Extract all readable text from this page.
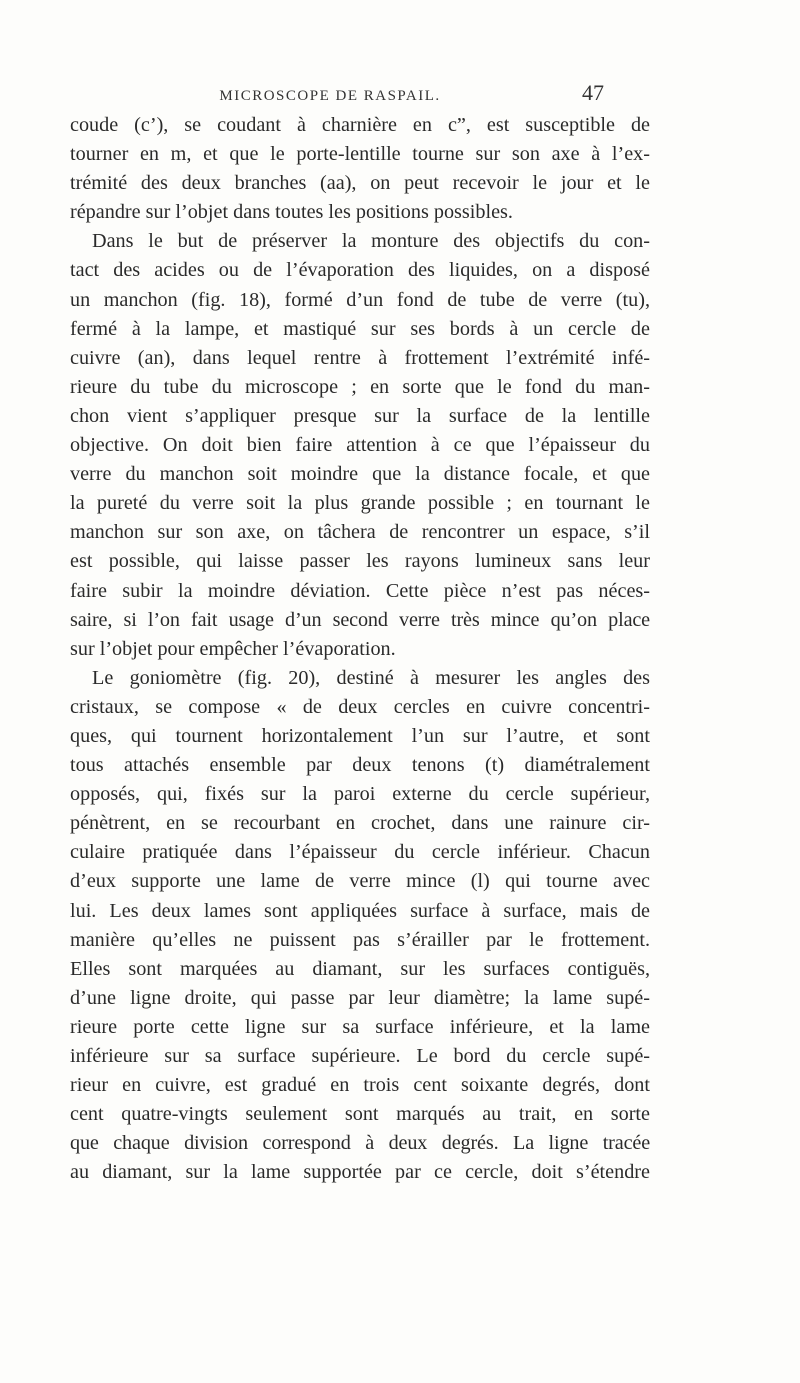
MICROSCOPE DE RASPAIL.	47
coude (c’), se coudant à charnière en c”, est susceptible de
tourner en m, et que le porte-lentille tourne sur son axe à l’ex-
trémité des deux branches (aa), on peut recevoir le jour et le
répandre sur l’objet dans toutes les positions possibles.
Dans le but de préserver la monture des objectifs du con-
tact des acides ou de l’évaporation des liquides, on a disposé
un manchon (fig. 18), formé d’un fond de tube de verre (tu),
fermé à la lampe, et mastiqué sur ses bords à un cercle de
cuivre (an), dans lequel rentre à frottement l’extrémité infé-
rieure du tube du microscope ; en sorte que le fond du man-
chon vient s’appliquer presque sur la surface de la lentille
objective. On doit bien faire attention à ce que l’épaisseur du
verre du manchon soit moindre que la distance focale, et que
la pureté du verre soit la plus grande possible ; en tournant le
manchon sur son axe, on tâchera de rencontrer un espace, s’il
est possible, qui laisse passer les rayons lumineux sans leur
faire subir la moindre déviation. Cette pièce n’est pas néces-
saire, si l’on fait usage d’un second verre très mince qu’on place
sur l’objet pour empêcher l’évaporation.
Le goniomètre (fig. 20), destiné à mesurer les angles des
cristaux, se compose « de deux cercles en cuivre concentri-
ques, qui tournent horizontalement l’un sur l’autre, et sont
tous attachés ensemble par deux tenons (t) diamétralement
opposés, qui, fixés sur la paroi externe du cercle supérieur,
pénètrent, en se recourbant en crochet, dans une rainure cir-
culaire pratiquée dans l’épaisseur du cercle inférieur. Chacun
d’eux supporte une lame de verre mince (l) qui tourne avec
lui. Les deux lames sont appliquées surface à surface, mais de
manière qu’elles ne puissent pas s’érailler par le frottement.
Elles sont marquées au diamant, sur les surfaces contiguës,
d’une ligne droite, qui passe par leur diamètre; la lame supé-
rieure porte cette ligne sur sa surface inférieure, et la lame
inférieure sur sa surface supérieure. Le bord du cercle supé-
rieur en cuivre, est gradué en trois cent soixante degrés, dont
cent quatre-vingts seulement sont marqués au trait, en sorte
que chaque division correspond à deux degrés. La ligne tracée
au diamant, sur la lame supportée par ce cercle, doit s’étendre
